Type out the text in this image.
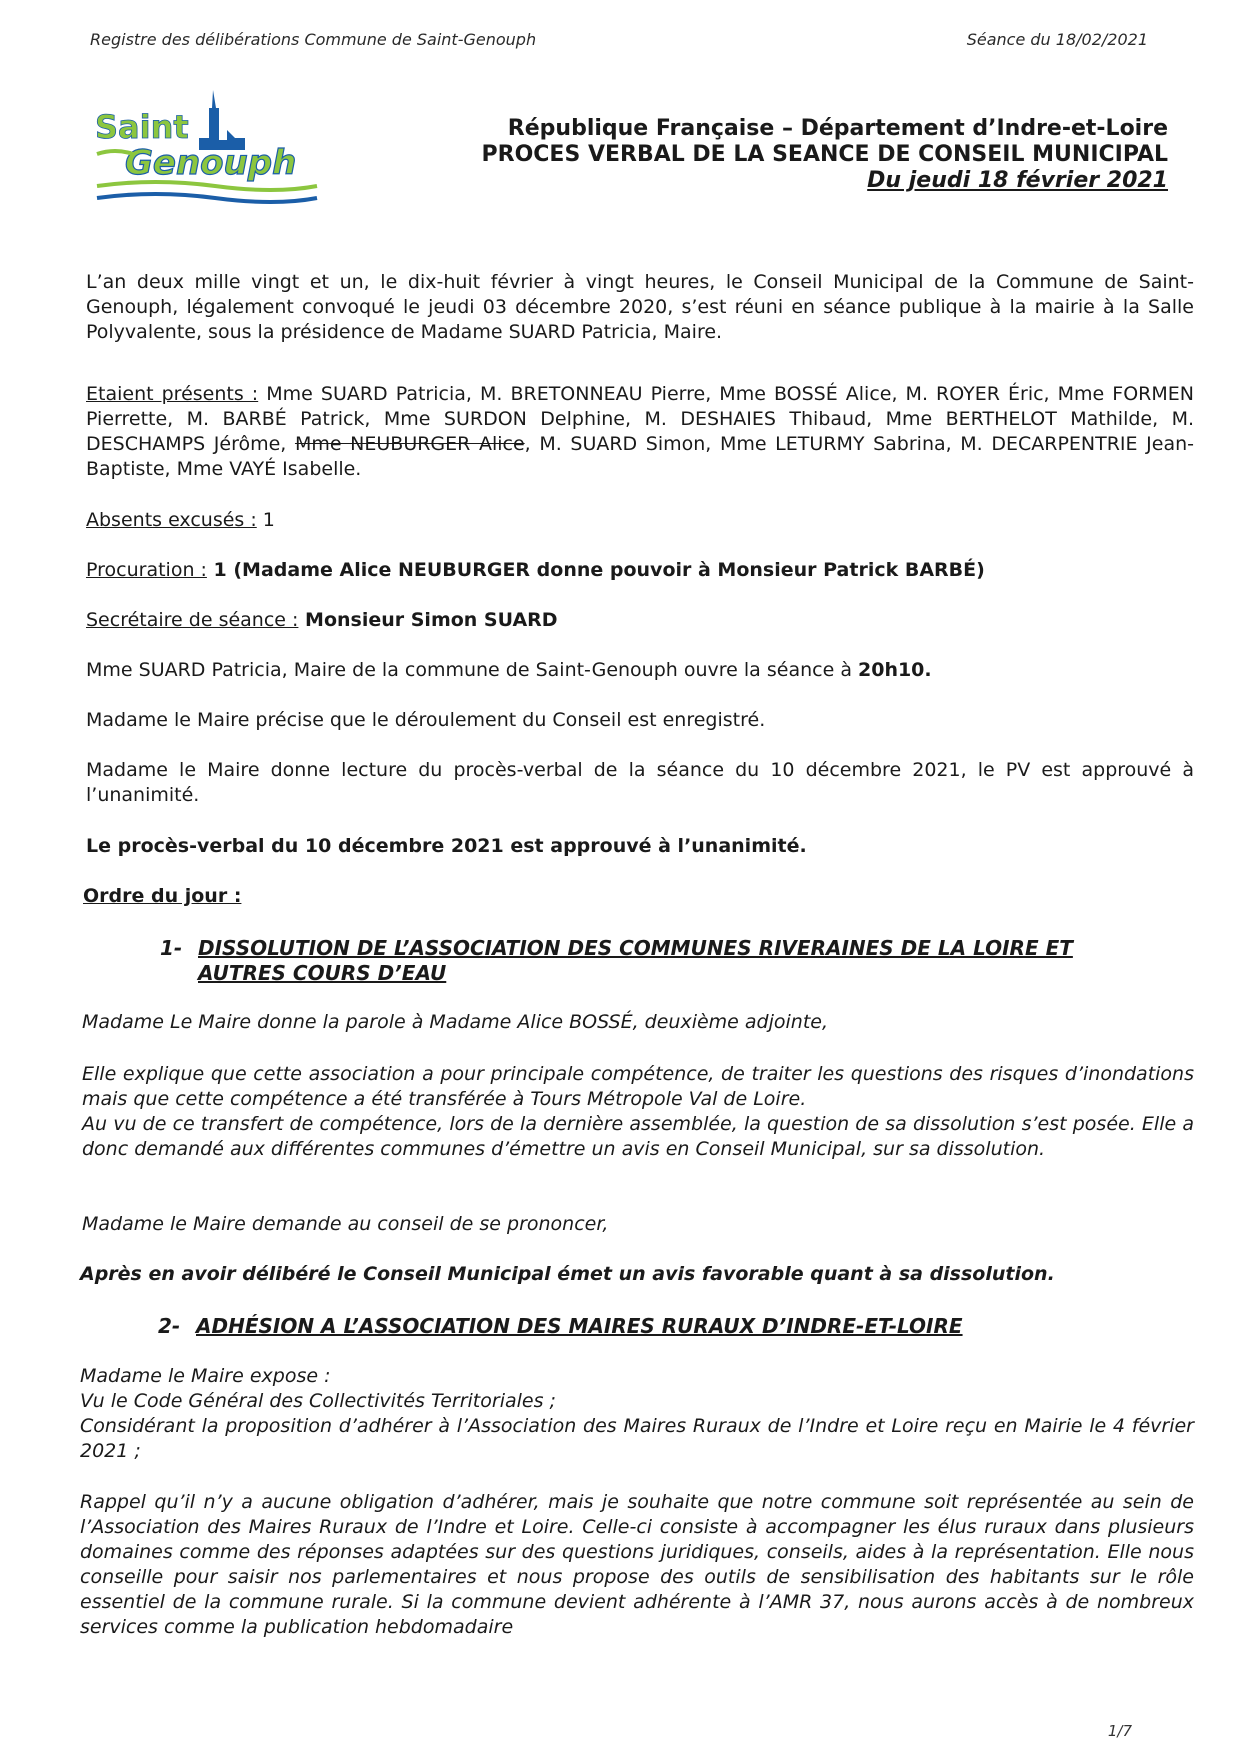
Registre des délibérations Commune de Saint-Genouph	Séance du 18/02/2021
Saint
Genouph
République Française – Département d’Indre-et-Loire
PROCES VERBAL DE LA SEANCE DE CONSEIL MUNICIPAL
Du jeudi 18 février 2021
L’an deux mille vingt et un, le dix-huit février à vingt heures, le Conseil Municipal de la Commune de Saint-Genouph, légalement convoqué le jeudi 03 décembre 2020, s’est réuni en séance publique à la mairie à la Salle Polyvalente, sous la présidence de Madame SUARD Patricia, Maire.
Etaient présents : Mme SUARD Patricia, M. BRETONNEAU Pierre, Mme BOSSÉ Alice, M. ROYER Éric, Mme FORMEN Pierrette, M. BARBÉ Patrick, Mme SURDON Delphine, M. DESHAIES Thibaud, Mme BERTHELOT Mathilde, M. DESCHAMPS Jérôme, Mme NEUBURGER Alice, M. SUARD Simon, Mme LETURMY Sabrina, M. DECARPENTRIE Jean-Baptiste, Mme VAYÉ Isabelle.
Absents excusés : 1
Procuration : 1 (Madame Alice NEUBURGER donne pouvoir à Monsieur Patrick BARBÉ)
Secrétaire de séance : Monsieur Simon SUARD
Mme SUARD Patricia, Maire de la commune de Saint-Genouph ouvre la séance à 20h10.
Madame le Maire précise que le déroulement du Conseil est enregistré.
Madame le Maire donne lecture du procès-verbal de la séance du 10 décembre 2021, le PV est approuvé à l’unanimité.
Le procès-verbal du 10 décembre 2021 est approuvé à l’unanimité.
Ordre du jour :
1- DISSOLUTION DE L’ASSOCIATION DES COMMUNES RIVERAINES DE LA LOIRE ET
AUTRES COURS D’EAU
Madame Le Maire donne la parole à Madame Alice BOSSÉ, deuxième adjointe,
Elle explique que cette association a pour principale compétence, de traiter les questions des risques d’inondations mais que cette compétence a été transférée à Tours Métropole Val de Loire.
Au vu de ce transfert de compétence, lors de la dernière assemblée, la question de sa dissolution s’est posée. Elle a donc demandé aux différentes communes d’émettre un avis en Conseil Municipal, sur sa dissolution.
Madame le Maire demande au conseil de se prononcer,
Après en avoir délibéré le Conseil Municipal émet un avis favorable quant à sa dissolution.
2- ADHÉSION A L’ASSOCIATION DES MAIRES RURAUX D’INDRE-ET-LOIRE
Madame le Maire expose :
Vu le Code Général des Collectivités Territoriales ;
Considérant la proposition d’adhérer à l’Association des Maires Ruraux de l’Indre et Loire reçu en Mairie le 4 février 2021 ;
Rappel qu’il n’y a aucune obligation d’adhérer, mais je souhaite que notre commune soit représentée au sein de l’Association des Maires Ruraux de l’Indre et Loire. Celle-ci consiste à accompagner les élus ruraux dans plusieurs domaines comme des réponses adaptées sur des questions juridiques, conseils, aides à la représentation. Elle nous conseille pour saisir nos parlementaires et nous propose des outils de sensibilisation des habitants sur le rôle essentiel de la commune rurale. Si la commune devient adhérente à l’AMR 37, nous aurons accès à de nombreux services comme la publication hebdomadaire
1/7
